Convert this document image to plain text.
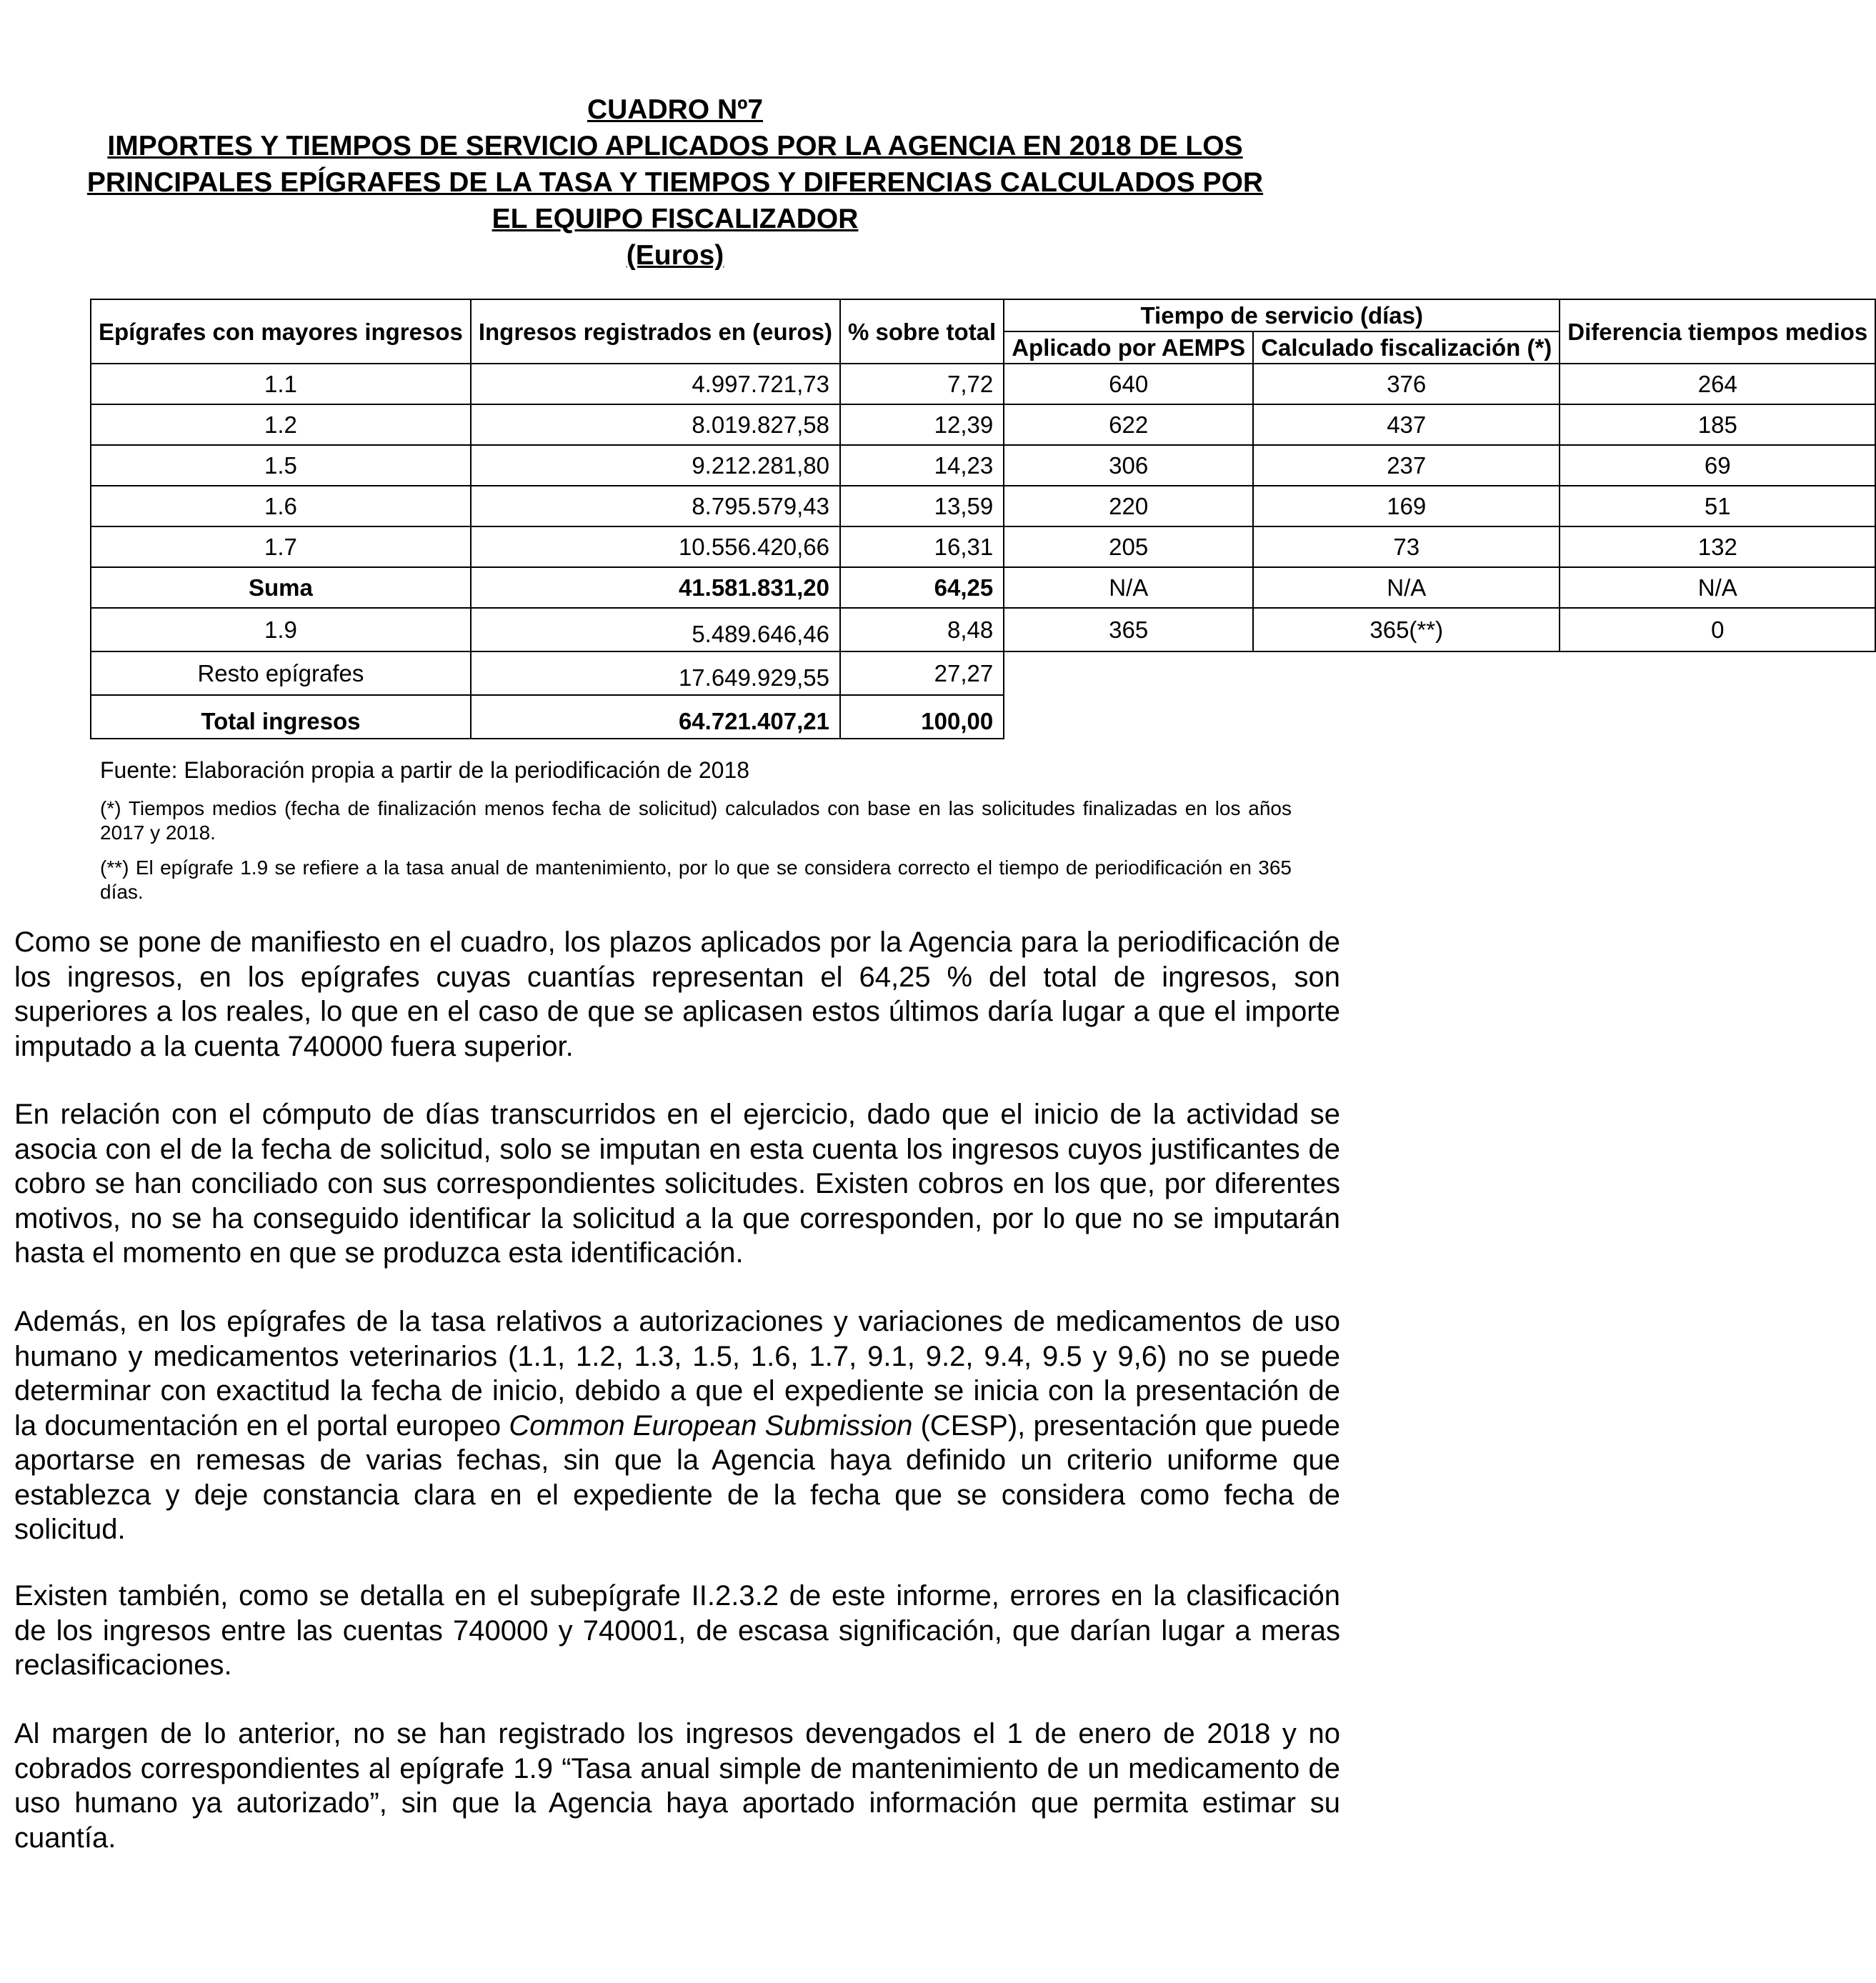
CUADRO Nº7
IMPORTES Y TIEMPOS DE SERVICIO APLICADOS POR LA AGENCIA EN 2018 DE LOS
PRINCIPALES EPÍGRAFES DE LA TASA Y TIEMPOS Y DIFERENCIAS CALCULADOS POR
EL EQUIPO FISCALIZADOR
(Euros)
Epígrafes con mayores ingresos	Ingresos registrados en (euros)	% sobre total	Tiempo de servicio (días)		Diferencia tiempos medios
			Aplicado por AEMPS	Calculado fiscalización (*)	
1.1	4.997.721,73	7,72	640	376	264
1.2	8.019.827,58	12,39	622	437	185
1.5	9.212.281,80	14,23	306	237	69
1.6	8.795.579,43	13,59	220	169	51
1.7	10.556.420,66	16,31	205	73	132
Suma	41.581.831,20	64,25	N/A	N/A	N/A
1.9	5.489.646,46	8,48	365	365(**)	0
Resto epígrafes	17.649.929,55	27,27			
Total ingresos	64.721.407,21	100,00			
Fuente: Elaboración propia a partir de la periodificación de 2018
(*) Tiempos medios (fecha de finalización menos fecha de solicitud) calculados con base en las solicitudes finalizadas en los años 2017 y 2018.
(**) El epígrafe 1.9 se refiere a la tasa anual de mantenimiento, por lo que se considera correcto el tiempo de periodificación en 365 días.
Como se pone de manifiesto en el cuadro, los plazos aplicados por la Agencia para la periodificación de los ingresos, en los epígrafes cuyas cuantías representan el 64,25 % del total de ingresos, son superiores a los reales, lo que en el caso de que se aplicasen estos últimos daría lugar a que el importe imputado a la cuenta 740000 fuera superior.
En relación con el cómputo de días transcurridos en el ejercicio, dado que el inicio de la actividad se asocia con el de la fecha de solicitud, solo se imputan en esta cuenta los ingresos cuyos justificantes de cobro se han conciliado con sus correspondientes solicitudes. Existen cobros en los que, por diferentes motivos, no se ha conseguido identificar la solicitud a la que corresponden, por lo que no se imputarán hasta el momento en que se produzca esta identificación.
Además, en los epígrafes de la tasa relativos a autorizaciones y variaciones de medicamentos de uso humano y medicamentos veterinarios (1.1, 1.2, 1.3, 1.5, 1.6, 1.7, 9.1, 9.2, 9.4, 9.5 y 9,6) no se puede determinar con exactitud la fecha de inicio, debido a que el expediente se inicia con la presentación de la documentación en el portal europeo Common European Submission (CESP), presentación que puede aportarse en remesas de varias fechas, sin que la Agencia haya definido un criterio uniforme que establezca y deje constancia clara en el expediente de la fecha que se considera como fecha de solicitud.
Existen también, como se detalla en el subepígrafe II.2.3.2 de este informe, errores en la clasificación de los ingresos entre las cuentas 740000 y 740001, de escasa significación, que darían lugar a meras reclasificaciones.
Al margen de lo anterior, no se han registrado los ingresos devengados el 1 de enero de 2018 y no cobrados correspondientes al epígrafe 1.9 “Tasa anual simple de mantenimiento de un medicamento de uso humano ya autorizado”, sin que la Agencia haya aportado información que permita estimar su cuantía.
